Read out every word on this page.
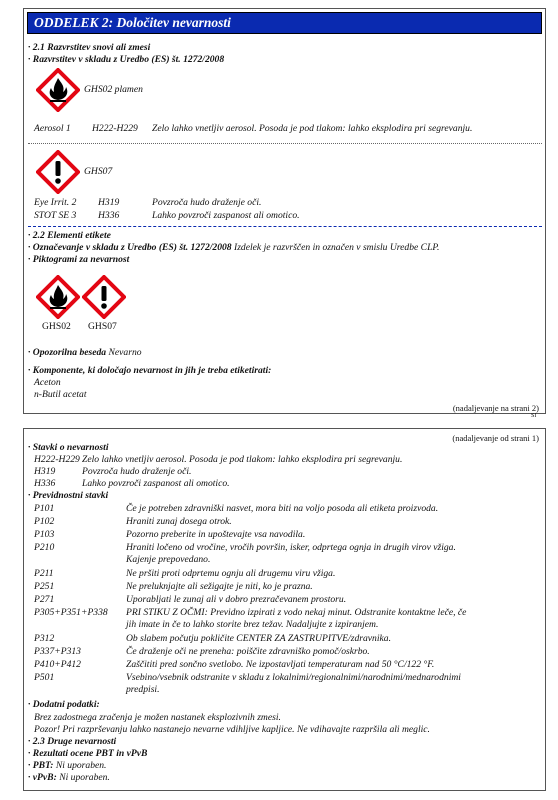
ODDELEK 2: Določitev nevarnosti
· 2.1 Razvrstitev snovi ali zmesi
· Razvrstitev v skladu z Uredbo (ES) št. 1272/2008
GHS02 plamen
Aerosol 1 H222-H229 Zelo lahko vnetljiv aerosol. Posoda je pod tlakom: lahko eksplodira pri segrevanju.
GHS07
Eye Irrit. 2 H319	Povzroča hudo draženje oči.
STOT SE 3 H336	Lahko povzroči zaspanost ali omotico.
· 2.2 Elementi etikete
· Označevanje v skladu z Uredbo (ES) št. 1272/2008 Izdelek je razvrščen in označen v smislu Uredbe CLP.
· Piktogrami za nevarnost
GHS02 GHS07
· Opozorilna beseda Nevarno
· Komponente, ki določajo nevarnost in jih je treba etiketirati:
Aceton
n-Butil acetat
(nadaljevanje na strani 2)
SI
(nadaljevanje od strani 1)
· Stavki o nevarnosti
H222-H229 Zelo lahko vnetljiv aerosol. Posoda je pod tlakom: lahko eksplodira pri segrevanju.
H319	Povzroča hudo draženje oči.
H336	Lahko povzroči zaspanost ali omotico.
· Previdnostni stavki
P101	Če je potreben zdravniški nasvet, mora biti na voljo posoda ali etiketa proizvoda.
P102	Hraniti zunaj dosega otrok.
P103	Pozorno preberite in upoštevajte vsa navodila.
P210	Hraniti ločeno od vročine, vročih površin, isker, odprtega ognja in drugih virov vžiga.
Kajenje prepovedano.
P211	Ne pršiti proti odprtemu ognju ali drugemu viru vžiga.
P251	Ne preluknjajte ali sežigajte je niti, ko je prazna.
P271	Uporabljati le zunaj ali v dobro prezračevanem prostoru.
P305+P351+P338 PRI STIKU Z OČMI: Previdno izpirati z vodo nekaj minut. Odstranite kontaktne leče, če
jih imate in če to lahko storite brez težav. Nadaljujte z izpiranjem.
P312	Ob slabem počutju pokličite CENTER ZA ZASTRUPITVE/zdravnika.
P337+P313	Če draženje oči ne preneha: poiščite zdravniško pomoč/oskrbo.
P410+P412	Zaščititi pred sončno svetlobo. Ne izpostavljati temperaturam nad 50 °C/122 °F.
P501	Vsebino/vsebnik odstranite v skladu z lokalnimi/regionalnimi/narodnimi/mednarodnimi
predpisi.
· Dodatni podatki:
Brez zadostnega zračenja je možen nastanek eksplozivnih zmesi.
Pozor! Pri razprševanju lahko nastanejo nevarne vdihljive kapljice. Ne vdihavajte razpršila ali meglic.
· 2.3 Druge nevarnosti
· Rezultati ocene PBT in vPvB
· PBT: Ni uporaben.
· vPvB: Ni uporaben.
